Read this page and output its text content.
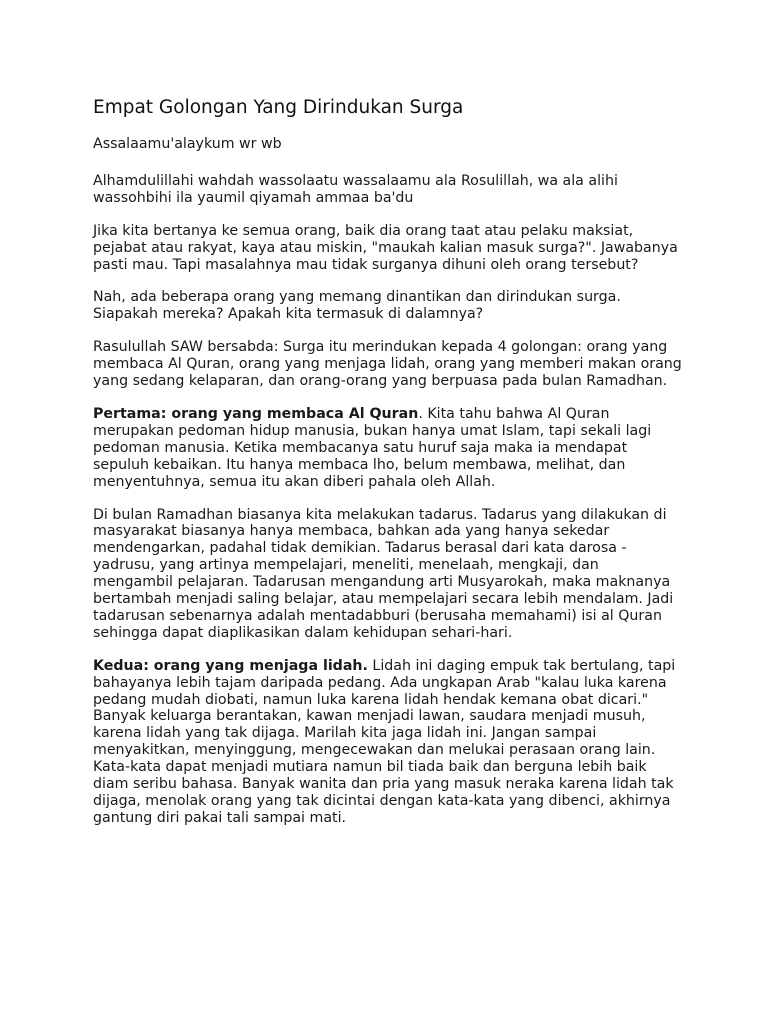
Empat Golongan Yang Dirindukan Surga

Assalaamu'alaykum wr wb

Alhamdulillahi wahdah wassolaatu wassalaamu ala Rosulillah, wa ala alihi wassohbihi ila yaumil qiyamah ammaa ba'du

Jika kita bertanya ke semua orang, baik dia orang taat atau pelaku maksiat, pejabat atau rakyat, kaya atau miskin, "maukah kalian masuk surga?". Jawabanya pasti mau. Tapi masalahnya mau tidak surganya dihuni oleh orang tersebut?

Nah, ada beberapa orang yang memang dinantikan dan dirindukan surga. Siapakah mereka? Apakah kita termasuk di dalamnya?

Rasulullah SAW bersabda: Surga itu merindukan kepada 4 golongan: orang yang membaca Al Quran, orang yang menjaga lidah, orang yang memberi makan orang yang sedang kelaparan, dan orang-orang yang berpuasa pada bulan Ramadhan.

Pertama: orang yang membaca Al Quran. Kita tahu bahwa Al Quran merupakan pedoman hidup manusia, bukan hanya umat Islam, tapi sekali lagi pedoman manusia. Ketika membacanya satu huruf saja maka ia mendapat sepuluh kebaikan. Itu hanya membaca lho, belum membawa, melihat, dan menyentuhnya, semua itu akan diberi pahala oleh Allah.

Di bulan Ramadhan biasanya kita melakukan tadarus. Tadarus yang dilakukan di masyarakat biasanya hanya membaca, bahkan ada yang hanya sekedar mendengarkan, padahal tidak demikian. Tadarus berasal dari kata darosa - yadrusu, yang artinya mempelajari, meneliti, menelaah, mengkaji, dan mengambil pelajaran. Tadarusan mengandung arti Musyarokah, maka maknanya bertambah menjadi saling belajar, atau mempelajari secara lebih mendalam. Jadi tadarusan sebenarnya adalah mentadabburi (berusaha memahami) isi al Quran sehingga dapat diaplikasikan dalam kehidupan sehari-hari.

Kedua: orang yang menjaga lidah. Lidah ini daging empuk tak bertulang, tapi bahayanya lebih tajam daripada pedang. Ada ungkapan Arab "kalau luka karena pedang mudah diobati, namun luka karena lidah hendak kemana obat dicari." Banyak keluarga berantakan, kawan menjadi lawan, saudara menjadi musuh, karena lidah yang tak dijaga. Marilah kita jaga lidah ini. Jangan sampai menyakitkan, menyinggung, mengecewakan dan melukai perasaan orang lain. Kata-kata dapat menjadi mutiara namun bil tiada baik dan berguna lebih baik diam seribu bahasa. Banyak wanita dan pria yang masuk neraka karena lidah tak dijaga, menolak orang yang tak dicintai dengan kata-kata yang dibenci, akhirnya gantung diri pakai tali sampai mati.
